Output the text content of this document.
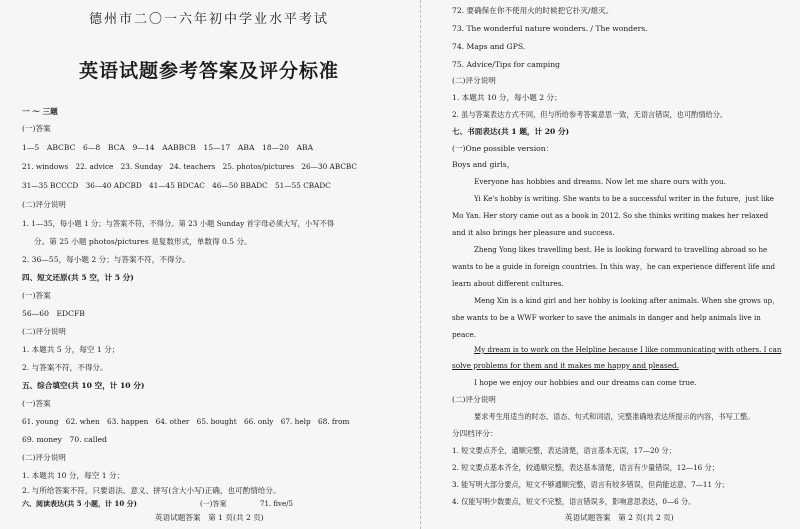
德州市二〇一六年初中学业水平考试
英语试题参考答案及评分标准
一 ～ 三题
(一)答案
1—5　ABCBC　6—8　BCA　9—14　AABBCB　15—17　ABA　18—20　ABA
21. windows　22. advice　23. Sunday　24. teachers　25. photos/pictures　26—30 ABCBC
31—35 BCCCD　36—40 ADCBD　41—45 BDCAC　46—50 BBADC　51—55 CBADC
(二)评分说明
1. 1—35，每小题 1 分；与答案不符，不得分。第 23 小题 Sunday 首字母必须大写，小写不得
分。第 25 小题 photos/pictures 是复数形式，单数得 0.5 分。
2. 36—55，每小题 2 分；与答案不符，不得分。
四、短文还原(共 5 空，计 5 分)
(一)答案
56—60　EDCFB
(二)评分说明
1. 本题共 5 分，每空 1 分；
2. 与答案不符，不得分。
五、综合填空(共 10 空，计 10 分)
(一)答案
61. young　62. when　63. happen　64. other　65. bought　66. only　67. help　68. from
69. money　70. called
(二)评分说明
1. 本题共 10 分，每空 1 分；
2. 与所给答案不符，只要语法、意义、拼写(含大小写)正确，也可酌情给分。
六、阅读表达(共 5 小题，计 10 分)	(一)答案	71. five/5
英语试题答案　第 1 页(共 2 页)
72. 要确保在你不使用火的时候把它扑灭/熄灭。
73. The wonderful nature wonders. / The wonders.
74. Maps and GPS.
75. Advice/Tips for camping
(二)评分说明
1. 本题共 10 分，每小题 2 分；
2. 虽与答案表达方式不同，但与所给参考答案意思一致，无语言错误，也可酌情给分。
七、书面表达(共 1 题，计 20 分)
(一)One possible version：
Boys and girls，
Everyone has hobbies and dreams. Now let me share ours with you.
Yi Ke's hobby is writing. She wants to be a successful writer in the future，just like
Mo Yan. Her story came out as a book in 2012. So she thinks writing makes her relaxed
and it also brings her pleasure and success.
Zheng Yong likes travelling best. He is looking forward to travelling abroad so he
wants to be a guide in foreign countries. In this way，he can experience different life and
learn about different cultures.
Meng Xin is a kind girl and her hobby is looking after animals. When she grows up，
she wants to be a WWF worker to save the animals in danger and help animals live in
peace.
My dream is to work on the Helpline because I like communicating with others. I can
solve problems for them and it makes me happy and pleased.
I hope we enjoy our hobbies and our dreams can come true.
(二)评分说明
要求考生用适当的时态、语态、句式和词语，完整准确地表达所提示的内容，书写工整。
分四档评分：
1. 短文要点齐全，通顺完整，表达清楚，语言基本无误，17—20 分；
2. 短文要点基本齐全，较通顺完整，表达基本清楚，语言有少量错误，12—16 分；
3. 能写明大部分要点，短文不够通顺完整，语言有较多错误，但尚能达意，7—11 分；
4. 仅能写明少数要点，短文不完整，语言错误多，影响意思表达，0—6 分。
英语试题答案　第 2 页(共 2 页)
